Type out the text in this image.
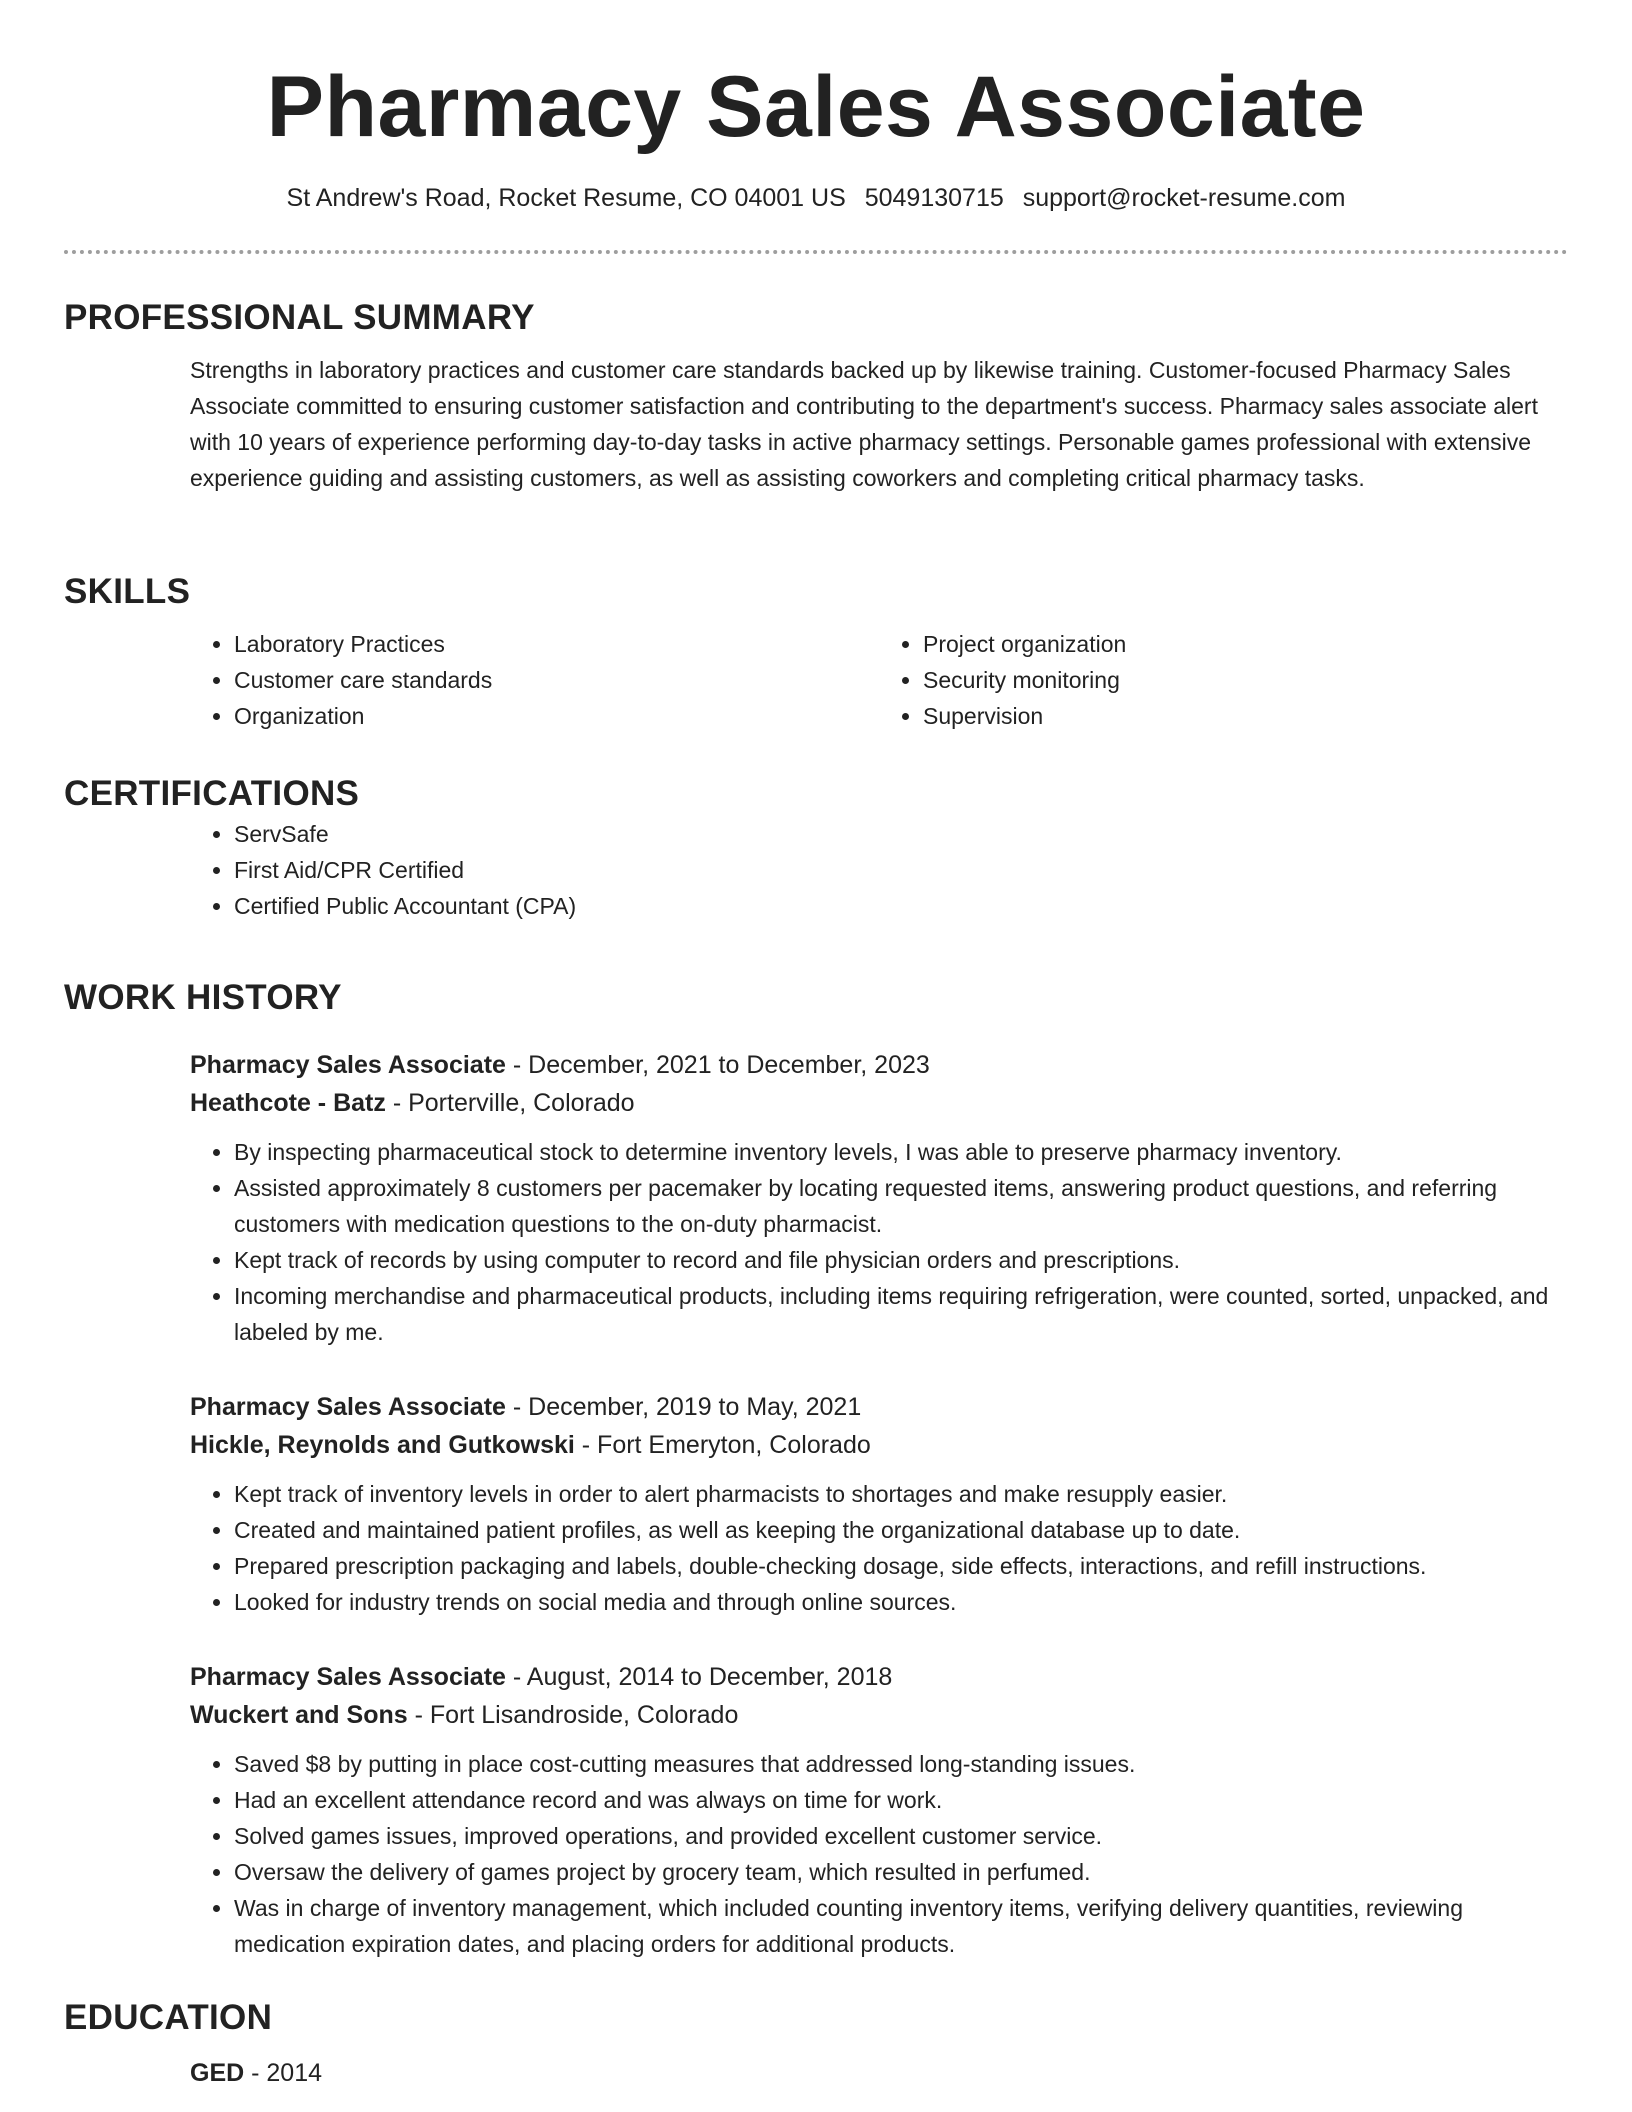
Pharmacy Sales Associate
St Andrew's Road, Rocket Resume, CO 04001 US 5049130715 support@rocket-resume.com
PROFESSIONAL SUMMARY

Strengths in laboratory practices and customer care standards backed up by likewise training. Customer-focused Pharmacy Sales Associate committed to ensuring customer satisfaction and contributing to the department's success. Pharmacy sales associate alert with 10 years of experience performing day-to-day tasks in active pharmacy settings. Personable games professional with extensive experience guiding and assisting customers, as well as assisting coworkers and completing critical pharmacy tasks.

SKILLS
• Laboratory Practices
• Customer care standards
• Organization
• Project organization
• Security monitoring
• Supervision
CERTIFICATIONS
• ServSafe
• First Aid/CPR Certified
• Certified Public Accountant (CPA)
WORK HISTORY
Pharmacy Sales Associate - December, 2021 to December, 2023
Heathcote - Batz - Porterville, Colorado
• By inspecting pharmaceutical stock to determine inventory levels, I was able to preserve pharmacy inventory.
• Assisted approximately 8 customers per pacemaker by locating requested items, answering product questions, and referring customers with medication questions to the on-duty pharmacist.
• Kept track of records by using computer to record and file physician orders and prescriptions.
• Incoming merchandise and pharmaceutical products, including items requiring refrigeration, were counted, sorted, unpacked, and labeled by me.
Pharmacy Sales Associate - December, 2019 to May, 2021
Hickle, Reynolds and Gutkowski - Fort Emeryton, Colorado
• Kept track of inventory levels in order to alert pharmacists to shortages and make resupply easier.
• Created and maintained patient profiles, as well as keeping the organizational database up to date.
• Prepared prescription packaging and labels, double-checking dosage, side effects, interactions, and refill instructions.
• Looked for industry trends on social media and through online sources.
Pharmacy Sales Associate - August, 2014 to December, 2018
Wuckert and Sons - Fort Lisandroside, Colorado
• Saved $8 by putting in place cost-cutting measures that addressed long-standing issues.
• Had an excellent attendance record and was always on time for work.
• Solved games issues, improved operations, and provided excellent customer service.
• Oversaw the delivery of games project by grocery team, which resulted in perfumed.
• Was in charge of inventory management, which included counting inventory items, verifying delivery quantities, reviewing medication expiration dates, and placing orders for additional products.
EDUCATION
GED - 2014
